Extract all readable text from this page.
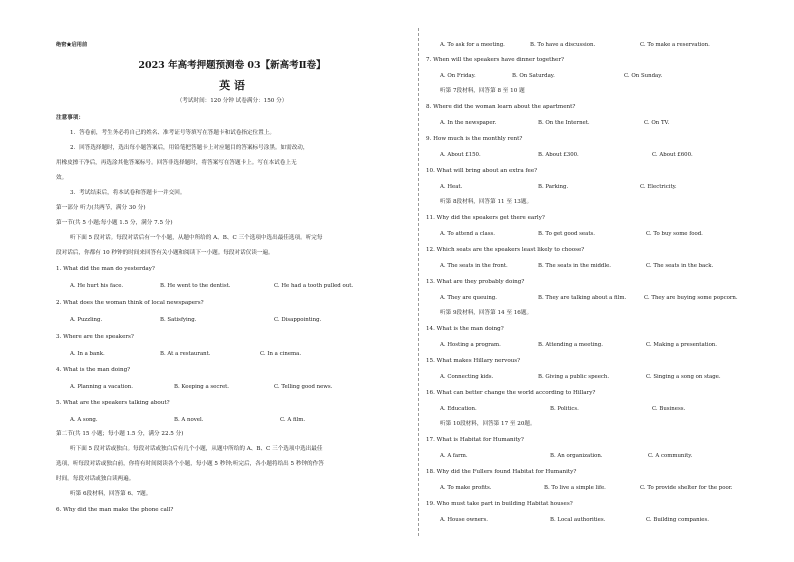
绝密★启用前
2023 年高考押题预测卷 03【新高考Ⅱ卷】
英 语
（考试时间：120 分钟 试卷满分：150 分）
注意事项：
1．答卷前，考生务必将自己的姓名、准考证号等填写在答题卡和试卷指定位置上。
2．回答选择题时，选出每小题答案后，用铅笔把答题卡上对应题目的答案标号涂黑。如需改动，
用橡皮擦干净后，再选涂其他答案标号。回答非选择题时，将答案写在答题卡上。写在本试卷上无
效。
3．考试结束后，将本试卷和答题卡一并交回。
第一部分 听力(共两节，满分 30 分)
第一节(共 5 小题;每小题 1.5 分，满分 7.5 分)
听下面 5 段对话。每段对话后有一个小题，从题中所给的 A、B、C 三个选项中选出最佳选项。听完每
段对话后，你都有 10 秒钟的时间来回答有关小题和阅读下一小题。每段对话仅读一遍。
1. What did the man do yesterday?
A. He hurt his face.	B. He went to the dentist.	C. He had a tooth pulled out.
2. What does the woman think of local newspapers?
A. Puzzling.	B. Satisfying.	C. Disappointing.
3. Where are the speakers?
A. In a bank.	B. At a restaurant.	C. In a cinema.
4. What is the man doing?
A. Planning a vacation.	B. Keeping a secret.	C. Telling good news.
5. What are the speakers talking about?
A. A song.	B. A novel.	C. A film.
第二节(共 15 小题；每小题 1.5 分，满分 22.5 分)
听下面 5 段对话或独白。每段对话或独白后有几个小题，从题中所给的 A、B、C 三个选项中选出最佳
选项，听每段对话或独白前，你将有时间阅读各个小题，每小题 5 秒钟;听完后，各小题将给出 5 秒钟的作答
时间。每段对话或独白读两遍。
听第 6段材料，回答第 6、7题。
6. Why did the man make the phone call?
A. To ask for a meeting.	B. To have a discussion.	C. To make a reservation.
7. When will the speakers have dinner together?
A. On Friday.	B. On Saturday.	C. On Sunday.
听第 7段材料，回答第 8 至 10 题
8. Where did the woman learn about the apartment?
A. In the newspaper.	B. On the Internet.	C. On TV.
9. How much is the monthly rent?
A. About £150.	B. About £300.	C. About £600.
10. What will bring about an extra fee?
A. Heat.	B. Parking.	C. Electricity.
听第 8段材料，回答第 11 至 13题。
11. Why did the speakers get there early?
A. To attend a class.	B. To get good seats.	C. To buy some food.
12. Which seats are the speakers least likely to choose?
A. The seats in the front.	B. The seats in the middle.	C. The seats in the back.
13. What are they probably doing?
A. They are queuing.	B. They are talking about a film.	C. They are buying some popcorn.
听第 9段材料，回答第 14 至 16题。
14. What is the man doing?
A. Hosting a program.	B. Attending a meeting.	C. Making a presentation.
15. What makes Hillary nervous?
A. Connecting kids.	B. Giving a public speech.	C. Singing a song on stage.
16. What can better change the world according to Hillary?
A. Education.	B. Politics.	C. Business.
听第 10段材料，回答第 17 至 20题。
17. What is Habitat for Humanity?
A. A farm.	B. An organization.	C. A community.
18. Why did the Fullers found Habitat for Humanity?
A. To make profits.	B. To live a simple life.	C. To provide shelter for the poor.
19. Who must take part in building Habitat houses?
A. House owners.	B. Local authorities.	C. Building companies.
